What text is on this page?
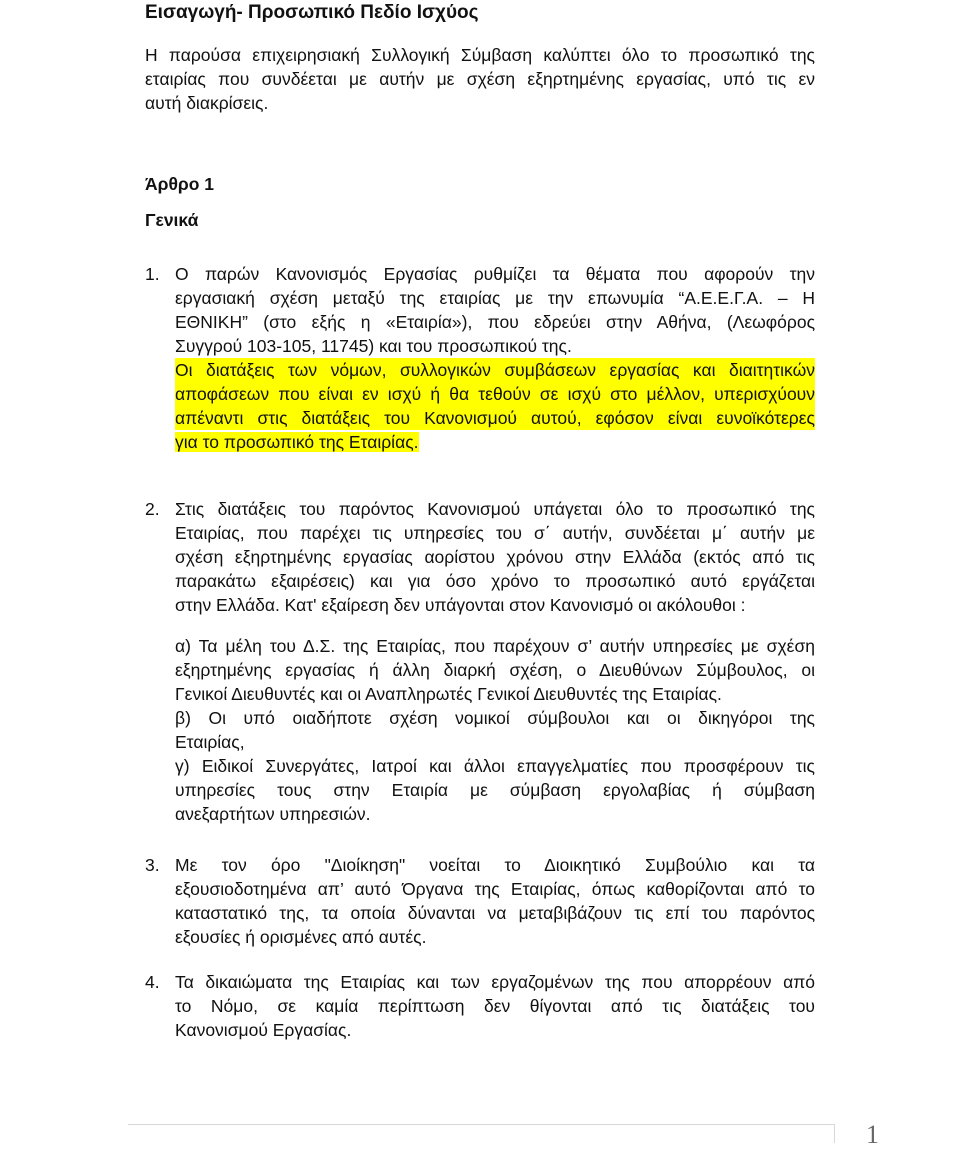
Εισαγωγή- Προσωπικό Πεδίο Ισχύος
Η παρούσα επιχειρησιακή Συλλογική Σύμβαση καλύπτει όλο το προσωπικό της
εταιρίας που συνδέεται με αυτήν με σχέση εξηρτημένης εργασίας, υπό τις εν
αυτή διακρίσεις.
Άρθρο 1
Γενικά
1. Ο παρών Κανονισμός Εργασίας ρυθμίζει τα θέματα που αφορούν την
εργασιακή σχέση μεταξύ της εταιρίας με την επωνυμία “Α.Ε.Ε.Γ.Α. – Η
ΕΘΝΙΚΗ” (στο εξής η «Εταιρία»), που εδρεύει στην Αθήνα, (Λεωφόρος
Συγγρού 103-105, 11745) και του προσωπικού της.
Οι διατάξεις των νόμων, συλλογικών συμβάσεων εργασίας και διαιτητικών
αποφάσεων που είναι εν ισχύ ή θα τεθούν σε ισχύ στο μέλλον, υπερισχύουν
απέναντι στις διατάξεις του Κανονισμού αυτού, εφόσον είναι ευνοϊκότερες
για το προσωπικό της Εταιρίας.
2. Στις διατάξεις του παρόντος Κανονισμού υπάγεται όλο το προσωπικό της
Εταιρίας, που παρέχει τις υπηρεσίες του σ΄ αυτήν, συνδέεται μ΄ αυτήν με
σχέση εξηρτημένης εργασίας αορίστου χρόνου στην Ελλάδα (εκτός από τις
παρακάτω εξαιρέσεις) και για όσο χρόνο το προσωπικό αυτό εργάζεται
στην Ελλάδα. Κατ' εξαίρεση δεν υπάγονται στον Κανονισμό οι ακόλουθοι :
α) Τα μέλη του Δ.Σ. της Εταιρίας, που παρέχουν σ’ αυτήν υπηρεσίες με σχέση
εξηρτημένης εργασίας ή άλλη διαρκή σχέση, ο Διευθύνων Σύμβουλος, οι
Γενικοί Διευθυντές και οι Αναπληρωτές Γενικοί Διευθυντές της Εταιρίας.
β) Οι υπό οιαδήποτε σχέση νομικοί σύμβουλοι και οι δικηγόροι της
Εταιρίας,
γ) Ειδικοί Συνεργάτες, Ιατροί και άλλοι επαγγελματίες που προσφέρουν τις
υπηρεσίες τους στην Εταιρία με σύμβαση εργολαβίας ή σύμβαση
ανεξαρτήτων υπηρεσιών.
3. Με τον όρο "Διοίκηση" νοείται το Διοικητικό Συμβούλιο και τα
εξουσιοδοτημένα απ’ αυτό Όργανα της Εταιρίας, όπως καθορίζονται από το
καταστατικό της, τα οποία δύνανται να μεταβιβάζουν τις επί του παρόντος
εξουσίες ή ορισμένες από αυτές.
4. Τα δικαιώματα της Εταιρίας και των εργαζομένων της που απορρέουν από
το Νόμο, σε καμία περίπτωση δεν θίγονται από τις διατάξεις του
Κανονισμού Εργασίας.
1
